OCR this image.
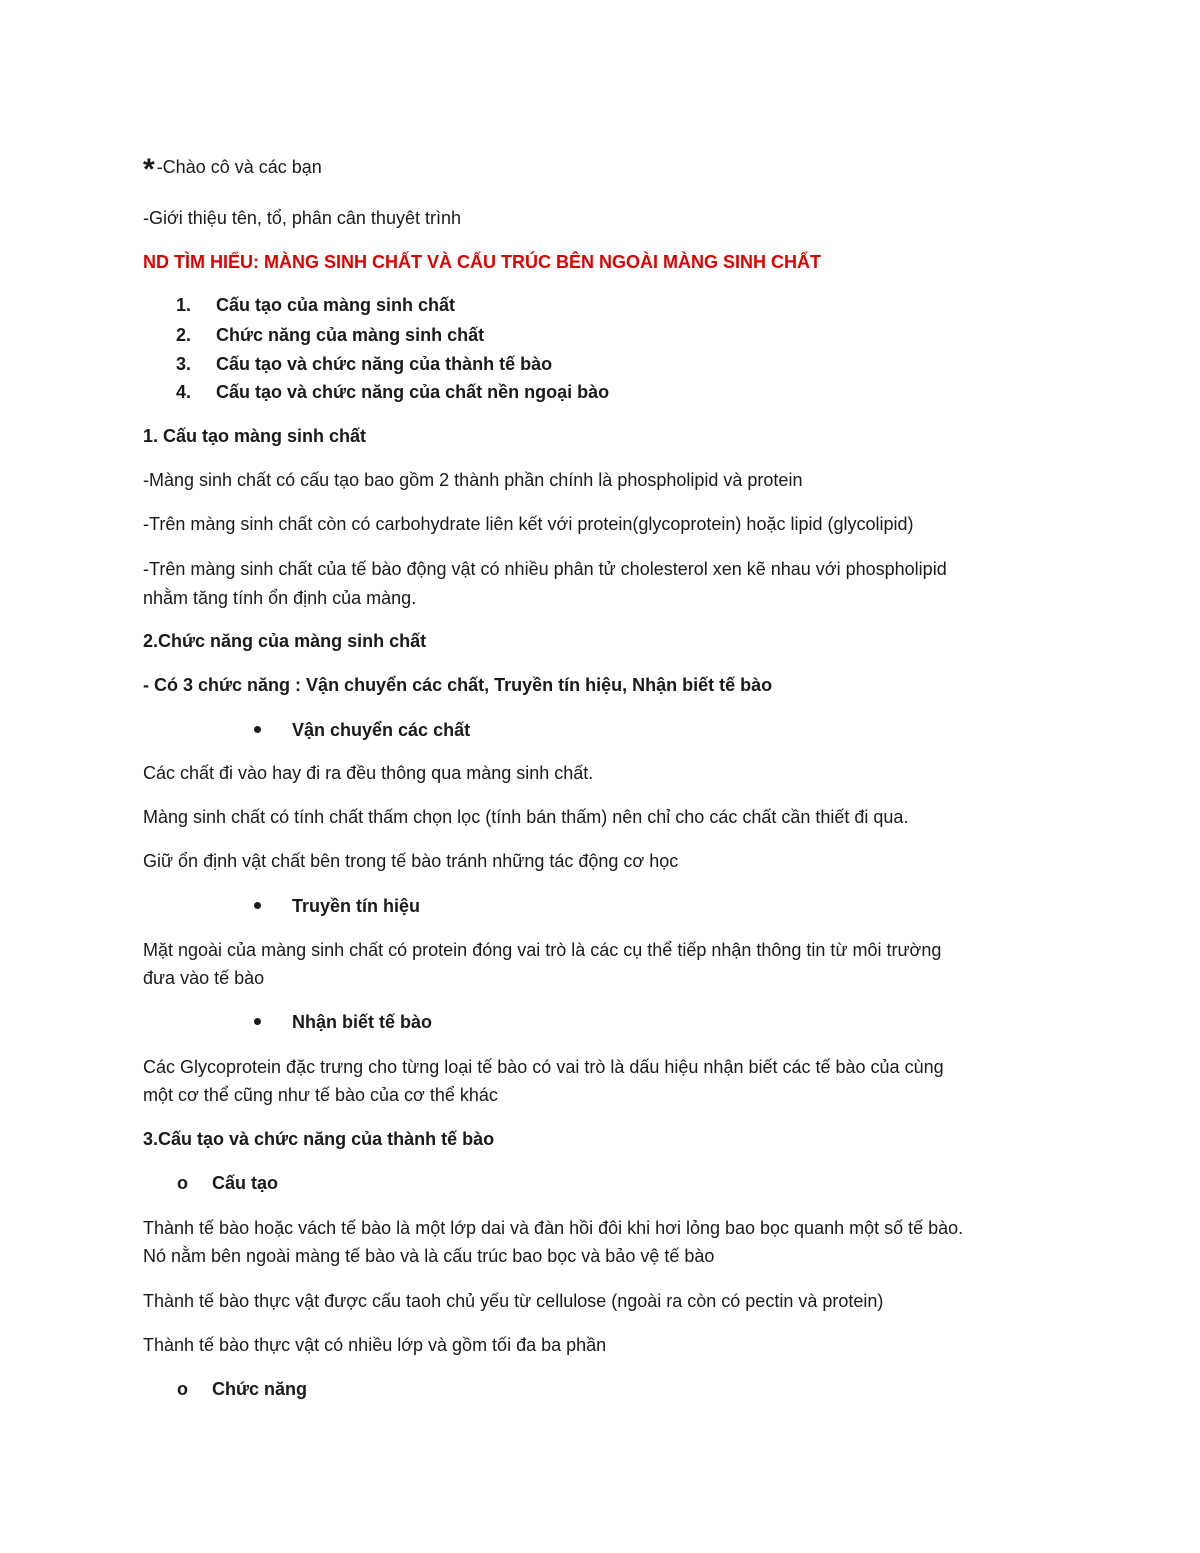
* -Chào cô và các bạn
-Giới thiệu tên, tổ, phân cân thuyêt trình
ND TÌM HIỂU: MÀNG SINH CHẤT VÀ CẤU TRÚC BÊN NGOÀI MÀNG SINH CHẤT
1. Cấu tạo của màng sinh chất
2. Chức năng của màng sinh chất
3. Cấu tạo và chức năng của thành tế bào
4. Cấu tạo và chức năng của chất nền ngoại bào
1. Cấu tạo màng sinh chất
-Màng sinh chất có cấu tạo bao gồm 2 thành phần chính là phospholipid và protein
-Trên màng sinh chất còn có carbohydrate liên kết với protein(glycoprotein) hoặc lipid (glycolipid)
-Trên màng sinh chất của tế bào động vật có nhiều phân tử cholesterol xen kẽ nhau với phospholipid
nhằm tăng tính ổn định của màng.
2.Chức năng của màng sinh chất
- Có 3 chức năng : Vận chuyển các chất, Truyền tín hiệu, Nhận biết tế bào
Vận chuyển các chất
Các chất đi vào hay đi ra đều thông qua màng sinh chất.
Màng sinh chất có tính chất thấm chọn lọc (tính bán thấm) nên chỉ cho các chất cần thiết đi qua.
Giữ ổn định vật chất bên trong tế bào tránh những tác động cơ học
Truyền tín hiệu
Mặt ngoài của màng sinh chất có protein đóng vai trò là các cụ thể tiếp nhận thông tin từ môi trường
đưa vào tế bào
Nhận biết tế bào
Các Glycoprotein đặc trưng cho từng loại tế bào có vai trò là dấu hiệu nhận biết các tế bào của cùng
một cơ thể cũng như tế bào của cơ thể khác
3.Cấu tạo và chức năng của thành tế bào
o Cấu tạo
Thành tế bào hoặc vách tế bào là một lớp dai và đàn hồi đôi khi hơi lỏng bao bọc quanh một số tế bào.
Nó nằm bên ngoài màng tế bào và là cấu trúc bao bọc và bảo vệ tế bào
Thành tế bào thực vật được cấu taoh chủ yếu từ cellulose (ngoài ra còn có pectin và protein)
Thành tế bào thực vật có nhiều lớp và gồm tối đa ba phần
o Chức năng
